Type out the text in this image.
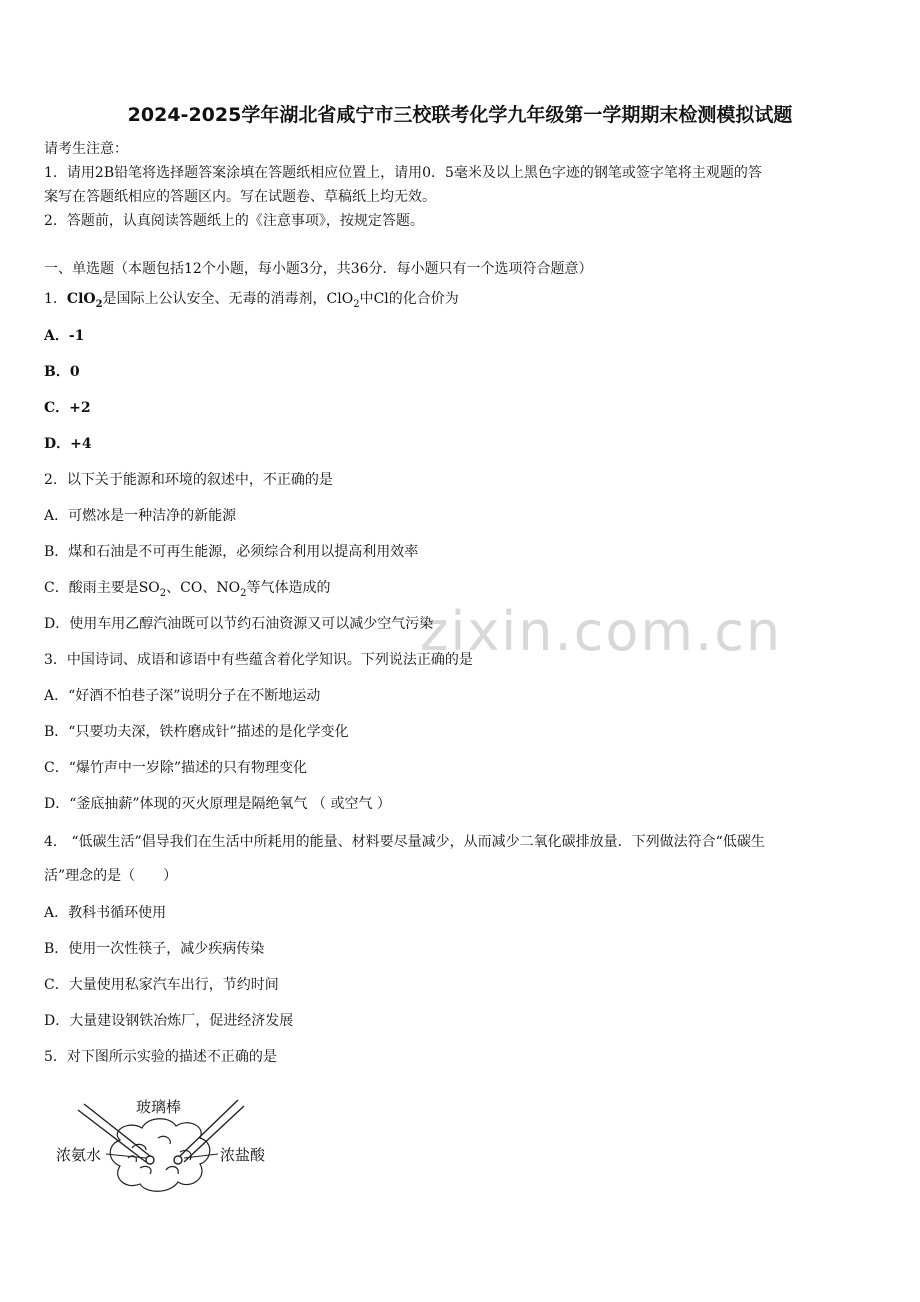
zixin.com.cn
2024-2025学年湖北省咸宁市三校联考化学九年级第一学期期末检测模拟试题
请考生注意：
1．请用2B铅笔将选择题答案涂填在答题纸相应位置上，请用0．5毫米及以上黑色字迹的钢笔或签字笔将主观题的答
案写在答题纸相应的答题区内。写在试题卷、草稿纸上均无效。
2．答题前，认真阅读答题纸上的《注意事项》，按规定答题。
一、单选题（本题包括12个小题，每小题3分，共36分．每小题只有一个选项符合题意）
1．ClO$_2$是国际上公认安全、无毒的消毒剂，ClO$_2$中Cl的化合价为
A．-1
B．0
C．+2
D．+4
2．以下关于能源和环境的叙述中，不正确的是
A．可燃冰是一种洁净的新能源
B．煤和石油是不可再生能源，必须综合利用以提高利用效率
C．酸雨主要是$SO_2$、CO、$NO_2$等气体造成的
D．使用车用乙醇汽油既可以节约石油资源又可以减少空气污染
3．中国诗词、成语和谚语中有些蕴含着化学知识。下列说法正确的是
A．“好酒不怕巷子深”说明分子在不断地运动
B．“只要功夫深，铁杵磨成针”描述的是化学变化
C．“爆竹声中一岁除”描述的只有物理变化
D．“釜底抽薪”体现的灭火原理是隔绝氧气 （ 或空气 ）
4． “低碳生活”倡导我们在生活中所耗用的能量、材料要尽量减少，从而减少二氧化碳排放量．下列做法符合“低碳生
活”理念的是（　　）
A．教科书循环使用
B．使用一次性筷子，减少疾病传染
C．大量使用私家汽车出行，节约时间
D．大量建设钢铁冶炼厂，促进经济发展
5．对下图所示实验的描述不正确的是
玻璃棒
浓氨水	浓盐酸
